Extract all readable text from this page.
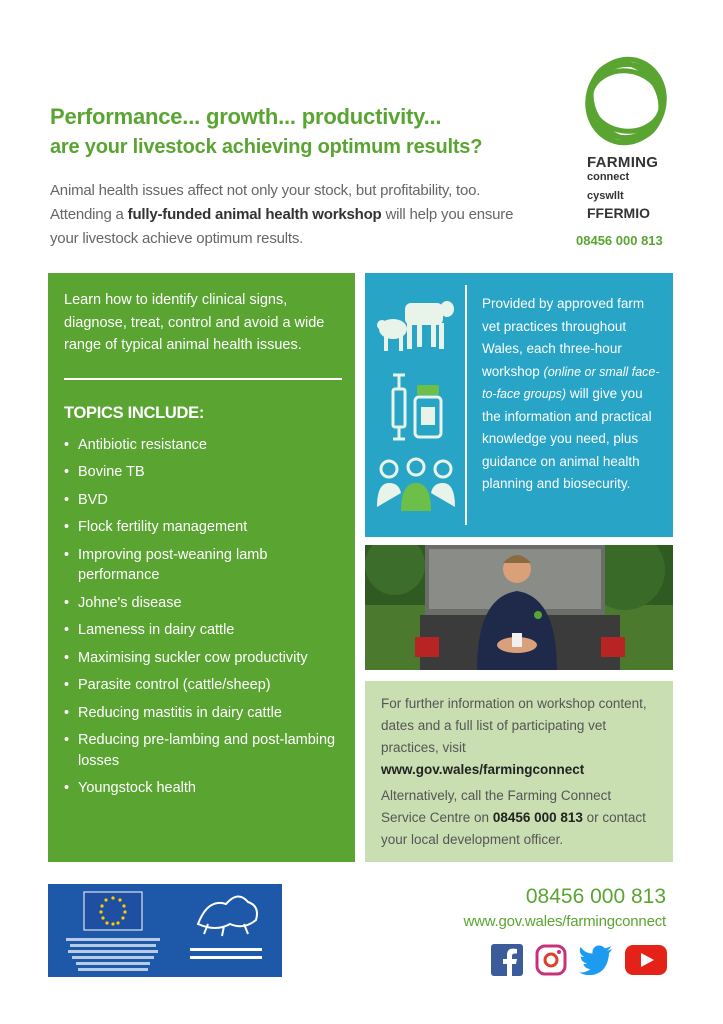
Performance... growth... productivity...
are your livestock achieving optimum results?
Animal health issues affect not only your stock, but profitability, too. Attending a fully-funded animal health workshop will help you ensure your livestock achieve optimum results.
FARMING
connect
cyswllt
FFERMIO
08456 000 813
Learn how to identify clinical signs, diagnose, treat, control and avoid a wide range of typical animal health issues.
TOPICS INCLUDE:
• Antibiotic resistance
• Bovine TB
• BVD
• Flock fertility management
• Improving post-weaning lamb performance
• Johne's disease
• Lameness in dairy cattle
• Maximising suckler cow productivity
• Parasite control (cattle/sheep)
• Reducing mastitis in dairy cattle
• Reducing pre-lambing and post-lambing losses
• Youngstock health
Provided by approved farm vet practices throughout Wales, each three-hour workshop (online or small face-to-face groups) will give you the information and practical knowledge you need, plus guidance on animal health planning and biosecurity.

For further information on workshop content, dates and a full list of participating vet practices, visit www.gov.wales/farmingconnect

Alternatively, call the Farming Connect Service Centre on 08456 000 813 or contact your local development officer.

08456 000 813
www.gov.wales/farmingconnect
